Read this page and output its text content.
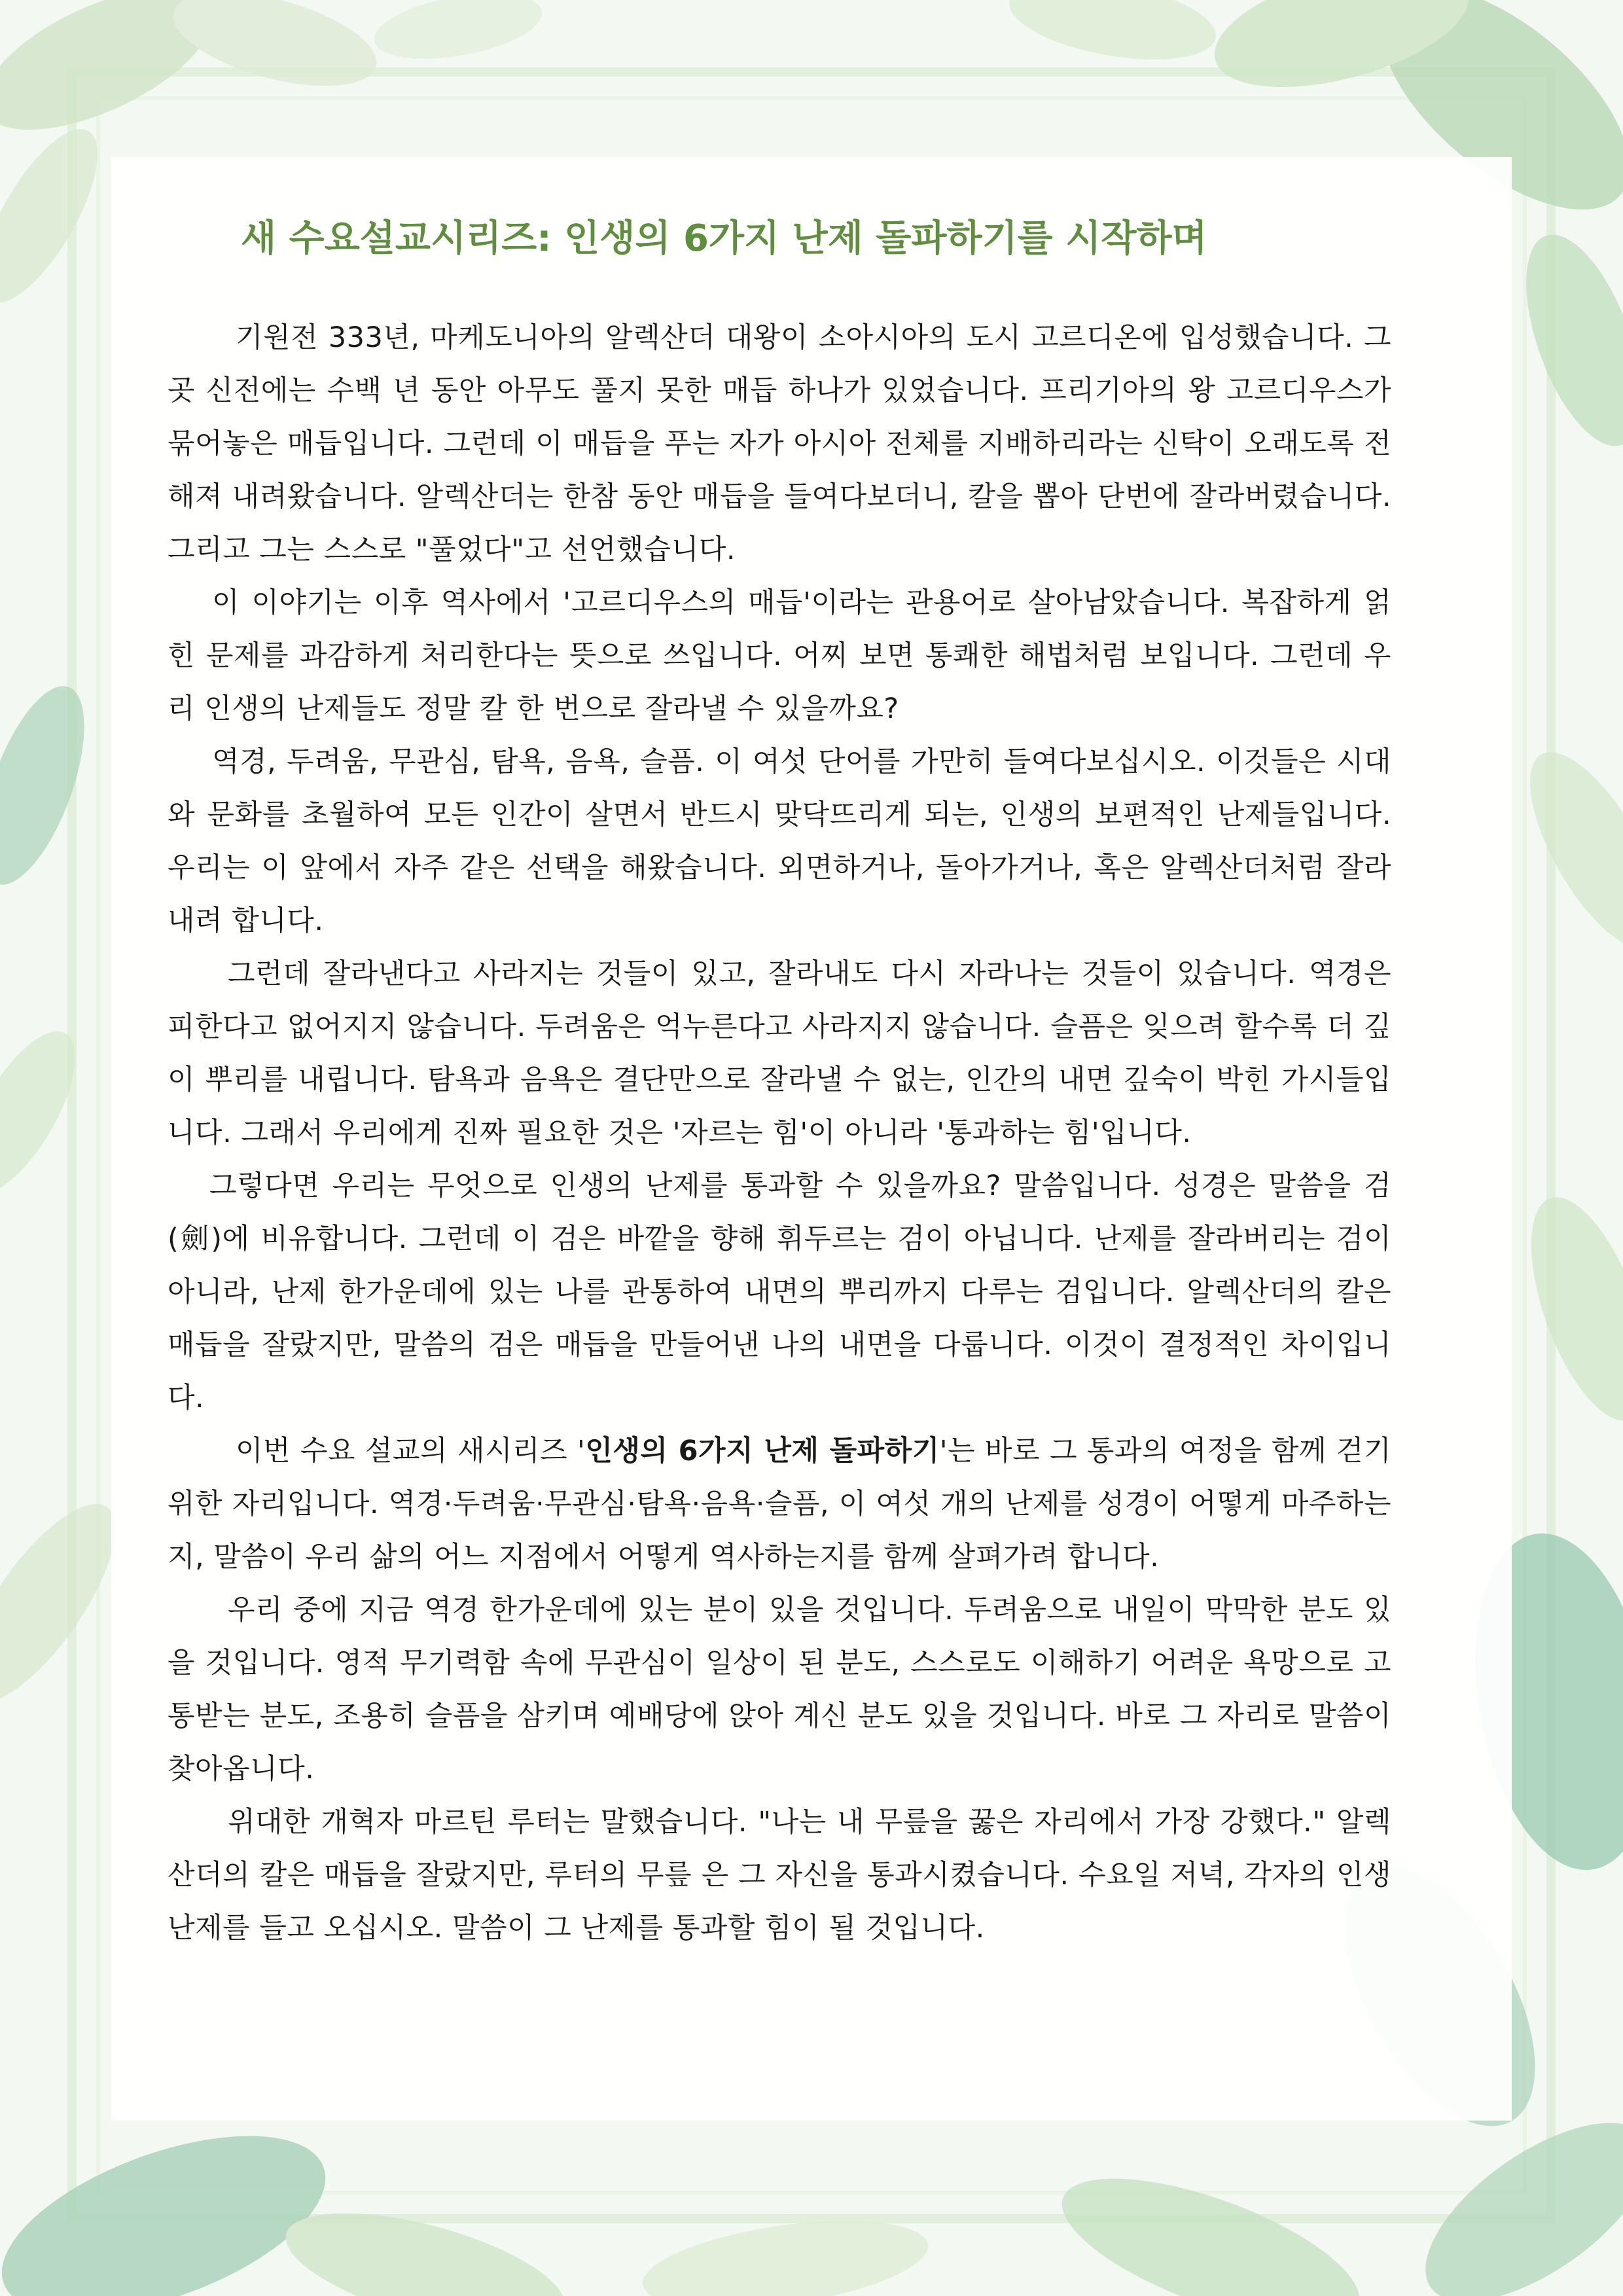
새 수요설교시리즈: 인생의 6가지 난제 돌파하기를 시작하며

기원전 333년, 마케도니아의 알렉산더 대왕이 소아시아의 도시 고르디온에 입성했습니다. 그곳 신전에는 수백 년 동안 아무도 풀지 못한 매듭 하나가 있었습니다. 프리기아의 왕 고르디우스가 묶어놓은 매듭입니다. 그런데 이 매듭을 푸는 자가 아시아 전체를 지배하리라는 신탁이 오래도록 전해져 내려왔습니다. 알렉산더는 한참 동안 매듭을 들여다보더니, 칼을 뽑아 단번에 잘라버렸습니다. 그리고 그는 스스로 "풀었다"고 선언했습니다.

이 이야기는 이후 역사에서 '고르디우스의 매듭'이라는 관용어로 살아남았습니다. 복잡하게 얽힌 문제를 과감하게 처리한다는 뜻으로 쓰입니다. 어찌 보면 통쾌한 해법처럼 보입니다. 그런데 우리 인생의 난제들도 정말 칼 한 번으로 잘라낼 수 있을까요?

역경, 두려움, 무관심, 탐욕, 음욕, 슬픔. 이 여섯 단어를 가만히 들여다보십시오. 이것들은 시대와 문화를 초월하여 모든 인간이 살면서 반드시 맞닥뜨리게 되는, 인생의 보편적인 난제들입니다. 우리는 이 앞에서 자주 같은 선택을 해왔습니다. 외면하거나, 돌아가거나, 혹은 알렉산더처럼 잘라내려 합니다.

그런데 잘라낸다고 사라지는 것들이 있고, 잘라내도 다시 자라나는 것들이 있습니다. 역경은 피한다고 없어지지 않습니다. 두려움은 억누른다고 사라지지 않습니다. 슬픔은 잊으려 할수록 더 깊이 뿌리를 내립니다. 탐욕과 음욕은 결단만으로 잘라낼 수 없는, 인간의 내면 깊숙이 박힌 가시들입니다. 그래서 우리에게 진짜 필요한 것은 '자르는 힘'이 아니라 '통과하는 힘'입니다.

그렇다면 우리는 무엇으로 인생의 난제를 통과할 수 있을까요? 말씀입니다. 성경은 말씀을 검(劍)에 비유합니다. 그런데 이 검은 바깥을 향해 휘두르는 검이 아닙니다. 난제를 잘라버리는 검이 아니라, 난제 한가운데에 있는 나를 관통하여 내면의 뿌리까지 다루는 검입니다. 알렉산더의 칼은 매듭을 잘랐지만, 말씀의 검은 매듭을 만들어낸 나의 내면을 다룹니다. 이것이 결정적인 차이입니다.

이번 수요 설교의 새시리즈 '인생의 6가지 난제 돌파하기'는 바로 그 통과의 여정을 함께 걷기 위한 자리입니다. 역경·두려움·무관심·탐욕·음욕·슬픔, 이 여섯 개의 난제를 성경이 어떻게 마주하는지, 말씀이 우리 삶의 어느 지점에서 어떻게 역사하는지를 함께 살펴가려 합니다.

우리 중에 지금 역경 한가운데에 있는 분이 있을 것입니다. 두려움으로 내일이 막막한 분도 있을 것입니다. 영적 무기력함 속에 무관심이 일상이 된 분도, 스스로도 이해하기 어려운 욕망으로 고통받는 분도, 조용히 슬픔을 삼키며 예배당에 앉아 계신 분도 있을 것입니다. 바로 그 자리로 말씀이 찾아옵니다.

위대한 개혁자 마르틴 루터는 말했습니다. "나는 내 무릎을 꿇은 자리에서 가장 강했다." 알렉산더의 칼은 매듭을 잘랐지만, 루터의 무릎 은 그 자신을 통과시켰습니다. 수요일 저녁, 각자의 인생 난제를 들고 오십시오. 말씀이 그 난제를 통과할 힘이 될 것입니다.
